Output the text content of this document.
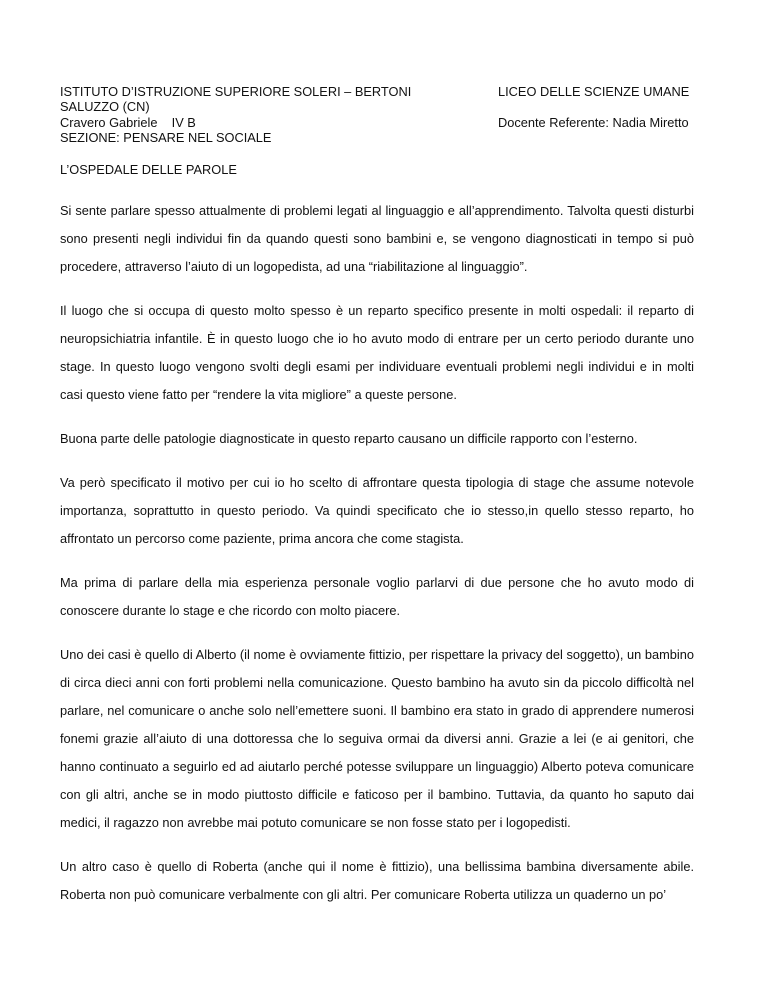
ISTITUTO D’ISTRUZIONE SUPERIORE SOLERI – BERTONI
SALUZZO (CN)
Cravero Gabriele    IV B
SEZIONE: PENSARE NEL SOCIALE
LICEO DELLE SCIENZE UMANE
Docente Referente: Nadia Miretto
L’OSPEDALE DELLE PAROLE

Si sente parlare spesso attualmente di problemi legati al linguaggio e all’apprendimento. Talvolta questi disturbi sono presenti negli individui fin da quando questi sono bambini e, se vengono diagnosticati in tempo si può procedere, attraverso l’aiuto di un logopedista, ad una “riabilitazione al linguaggio”.

Il luogo che si occupa di questo molto spesso è un reparto specifico presente in molti ospedali: il reparto di neuropsichiatria infantile. È in questo luogo che io ho avuto modo di entrare per un certo periodo durante uno stage. In questo luogo vengono svolti degli esami per individuare eventuali problemi negli individui e in molti casi questo viene fatto per “rendere la vita migliore” a queste persone.

Buona parte delle patologie diagnosticate in questo reparto causano un difficile rapporto con l’esterno.

Va però specificato il motivo per cui io ho scelto di affrontare questa tipologia di stage che assume notevole importanza, soprattutto in questo periodo. Va quindi specificato che io stesso,in quello stesso reparto, ho affrontato un percorso come paziente, prima ancora che come stagista.

Ma prima di parlare della mia esperienza personale voglio parlarvi di due persone che ho avuto modo di conoscere durante lo stage e che ricordo con molto piacere.

Uno dei casi è quello di Alberto (il nome è ovviamente fittizio, per rispettare la privacy del soggetto), un bambino di circa dieci anni con forti problemi nella comunicazione. Questo bambino ha avuto sin da piccolo difficoltà nel parlare, nel comunicare o anche solo nell’emettere suoni. Il bambino era stato in grado di apprendere numerosi fonemi grazie all’aiuto di una dottoressa che lo seguiva ormai da diversi anni. Grazie a lei (e ai genitori, che hanno continuato a seguirlo ed ad aiutarlo perché potesse sviluppare un linguaggio) Alberto poteva comunicare con gli altri, anche se in modo piuttosto difficile e faticoso per il bambino. Tuttavia, da quanto ho saputo dai medici, il ragazzo non avrebbe mai potuto comunicare se non fosse stato per i logopedisti.

Un altro caso è quello di Roberta (anche qui il nome è fittizio), una bellissima bambina diversamente abile. Roberta non può comunicare verbalmente con gli altri. Per comunicare Roberta utilizza un quaderno un po’
